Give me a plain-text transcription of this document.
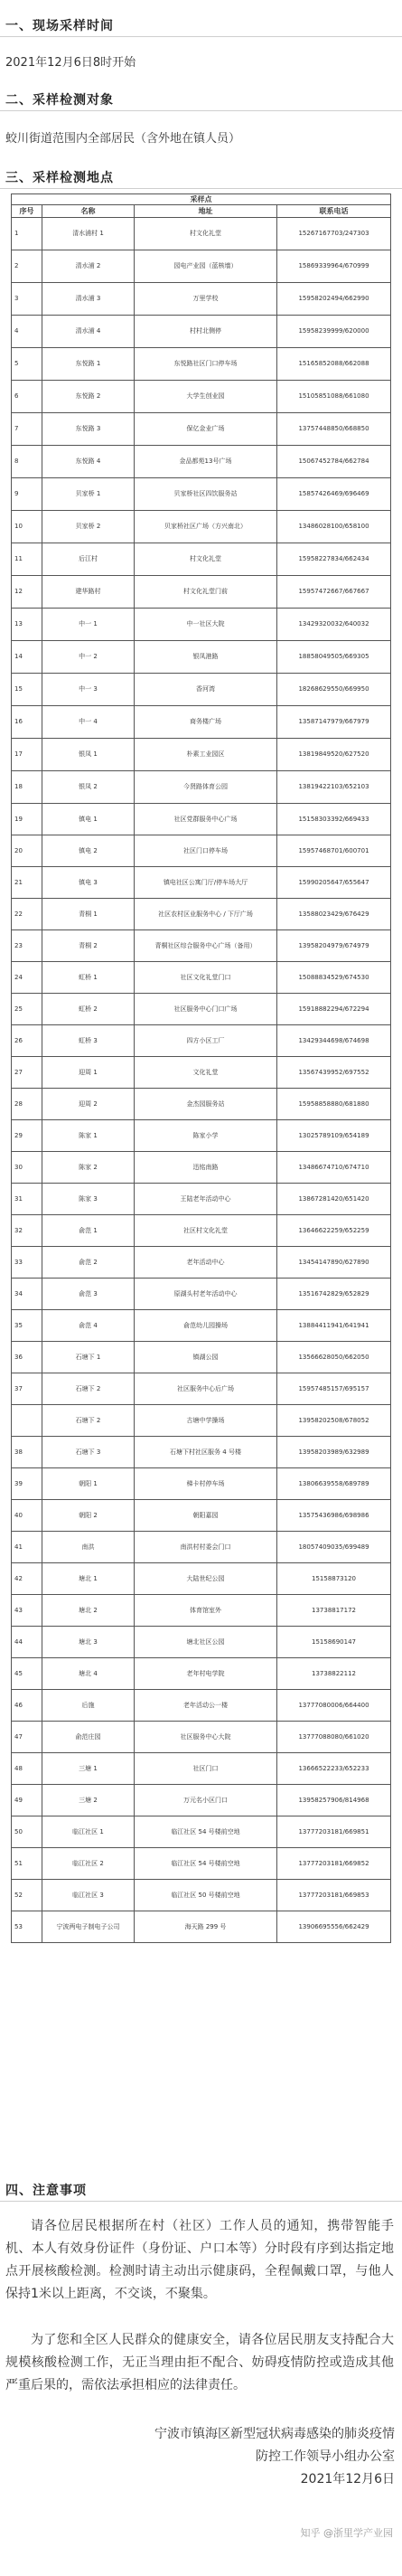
一、现场采样时间
2021年12月6日8时开始
二、采样检测对象
蛟川街道范围内全部居民（含外地在镇人员）
三、采样检测地点
采样点			
序号	名称	地址	联系电话
1	清水浦村 1	村文化礼堂	15267167703/247303
2	清水浦 2	园电产业园（蓝核墙）	15869339964/670999
3	清水浦 3	万里学校	15958202494/662990
4	清水浦 4	村村北侧停	15958239999/620000
5	东悦路 1	东悦路社区门口停车场	15165852088/662088
6	东悦路 2	大学生创业园	15105851088/661080
7	东悦路 3	保亿金业广场	13757448850/668850
8	东悦路 4	金品都苑13号广场	15067452784/662784
9	贝家桥 1	贝家桥社区四饮服务站	15857426469/696469
10	贝家桥 2	贝家桥社区广场（方兴南北）	13486028100/658100
11	后江村	村文化礼堂	15958227834/662434
12	建华路村	村文化礼堂门前	15957472667/667667
13	中一 1	中一社区大院	13429320032/640032
14	中一 2	银凤港路	18858049505/669305
15	中一 3	香河湾	18268629550/669950
16	中一 4	商务楼广场	13587147979/667979
17	银凤 1	朴素工业园区	13819849520/627520
18	银凤 2	今贤路体育公园	13819422103/652103
19	镇电 1	社区党群服务中心广场	15158303392/669433
20	镇电 2	社区门口停车场	15957468701/600701
21	镇电 3	镇电社区公寓门厅/停车场大厅	15990205647/655647
22	青桐 1	社区农村区业服务中心 / 下厅广场	13588023429/676429
23	青桐 2	青桐社区综合服务中心广场（备用）	13958204979/674979
24	虹桥 1	社区文化礼堂门口	15088834529/674530
25	虹桥 2	社区服务中心门口广场	15918882294/672294
26	虹桥 3	四方小区工厂	13429344698/674698
27	迎周 1	文化礼堂	13567439952/697552
28	迎周 2	金杰园服务站	15958858880/681880
29	陈家 1	陈家小学	13025789109/654189
30	陈家 2	迅铭南路	13486674710/674710
31	陈家 3	王陆老年活动中心	13867281420/651420
32	俞范 1	社区村文化礼堂	13646622259/652259
33	俞范 2	老年活动中心	13454147890/627890
34	俞范 3	原湖头村老年活动中心	13516742829/652829
35	俞范 4	俞范幼儿园操场	13884411941/641941
36	石塘下 1	镇湖公园	13566628050/662050
37	石塘下 2	社区服务中心后广场	15957485157/695157
	石塘下 2	古塘中学操场	13958202508/678052
38	石塘下 3	石塘下村社区服务 4 号楼	13958203989/632989
39	朝阳 1	梯卡村停车场	13806639558/689789
40	朝阳 2	朝阳嘉园	13575436986/698986
41	南洪	南洪村村委会门口	18057409035/699489
42	塘北 1	大陆世纪公园	15158873120
43	塘北 2	体育馆室外	13738817172
44	塘北 3	塘北社区公园	15158690147
45	塘北 4	老年村电学院	13738822112
46	后施	老年活动公一楼	13777080006/664400
47	俞范庄园	社区服务中心大院	13777088080/661020
48	三塘 1	社区门口	13666522233/652233
49	三塘 2	万元名小区门口	13958257906/814968
50	临江社区 1	临江社区 54 号楼前空地	13777203181/669851
51	临江社区 2	临江社区 54 号楼前空地	13777203181/669852
52	临江社区 3	临江社区 50 号楼前空地	13777203181/669853
53	宁波两电子制电子公司	海天路 299 号	13906695556/662429
四、注意事项

请各位居民根据所在村（社区）工作人员的通知，携带智能手机、本人有效身份证件（身份证、户口本等）分时段有序到达指定地点开展核酸检测。检测时请主动出示健康码，全程佩戴口罩，与他人保持1米以上距离，不交谈，不聚集。

为了您和全区人民群众的健康安全，请各位居民朋友支持配合大规模核酸检测工作，无正当理由拒不配合、妨碍疫情防控或造成其他严重后果的，需依法承担相应的法律责任。

宁波市镇海区新型冠状病毒感染的肺炎疫情
防控工作领导小组办公室
2021年12月6日
知乎 @浙里学产业园
